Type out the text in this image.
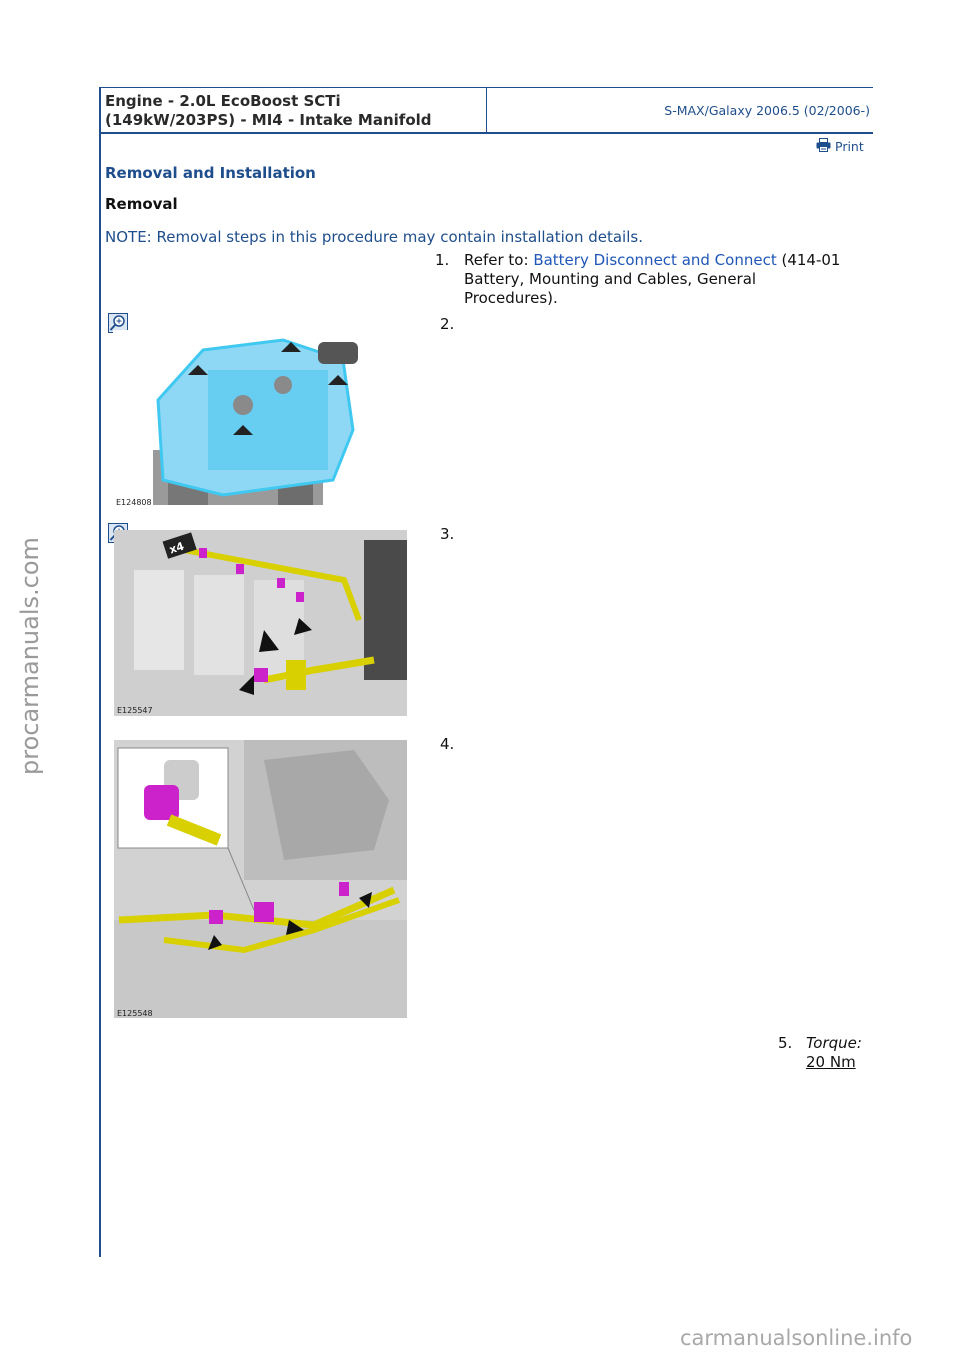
Engine - 2.0L EcoBoost SCTi
(149kW/203PS) - MI4 - Intake Manifold
S-MAX/Galaxy 2006.5 (02/2006-)
Print
Removal and Installation
Removal
NOTE: Removal steps in this procedure may contain installation details.
1. Refer to: Battery Disconnect and Connect (414-01
Battery, Mounting and Cables, General
Procedures).
2.
E124808
3.
x4
E125547
4.
E125548
5. Torque:
20 Nm
procarmanuals.com
carmanualsonline.info
